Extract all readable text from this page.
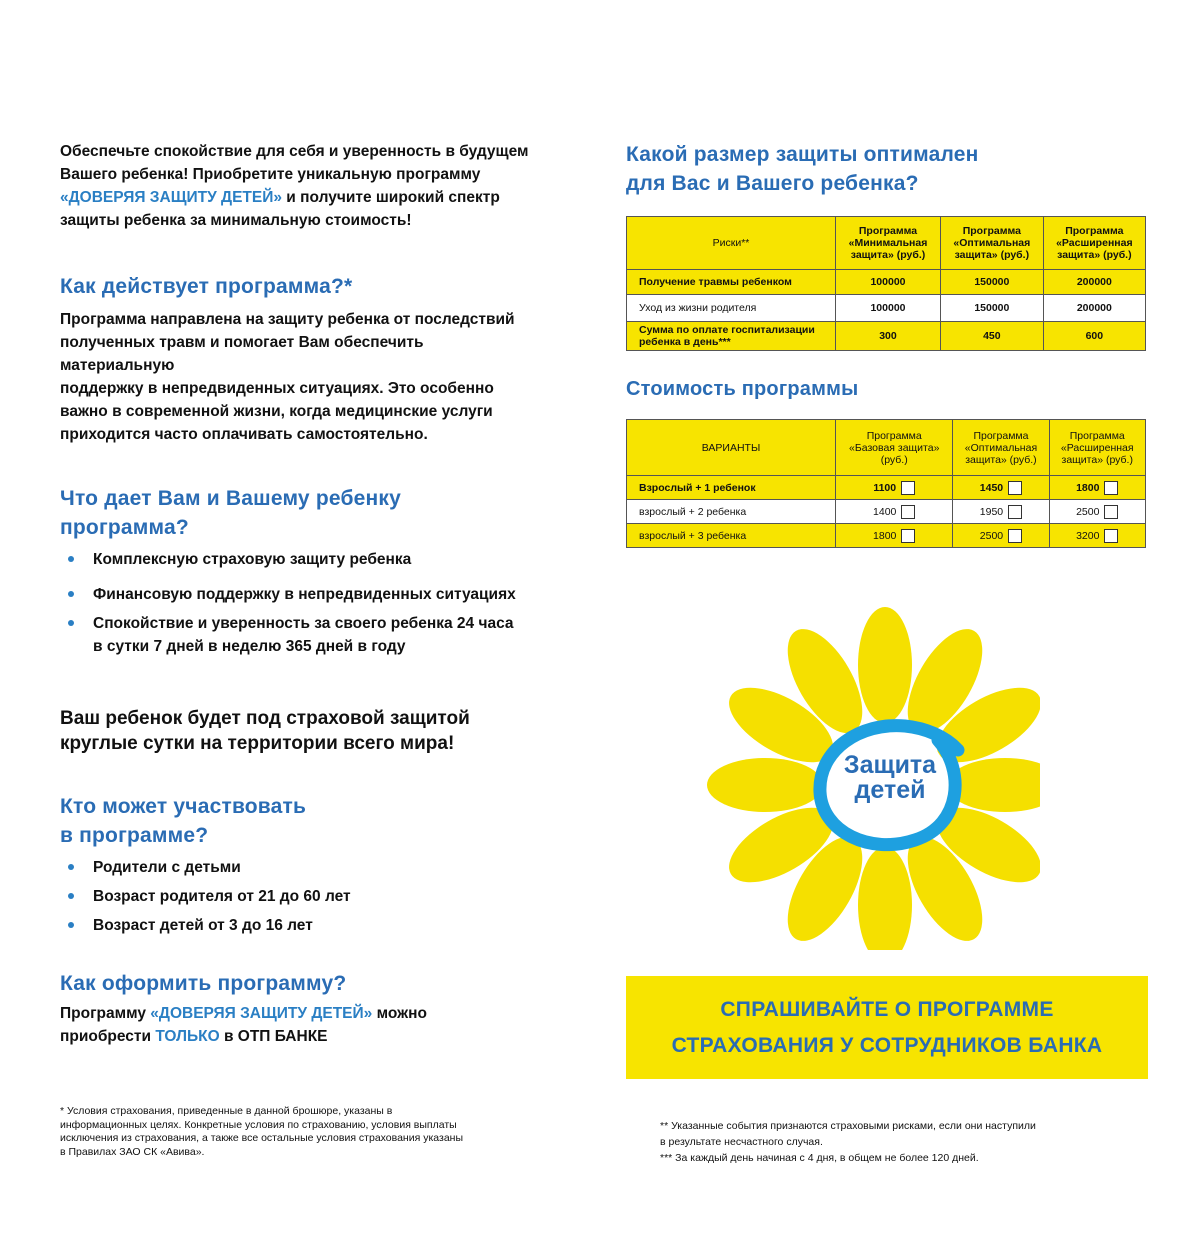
Обеспечьте спокойствие для себя и уверенность в будущем
Вашего ребенка! Приобретите уникальную программу
«ДОВЕРЯЯ ЗАЩИТУ ДЕТЕЙ» и получите широкий спектр
защиты ребенка за минимальную стоимость!

Как действует программа?*

Программа направлена на защиту ребенка от последствий
полученных травм и помогает Вам обеспечить материальную
поддержку в непредвиденных ситуациях. Это особенно
важно в современной жизни, когда медицинские услуги
приходится часто оплачивать самостоятельно.

Что дает Вам и Вашему ребенку
программа?
Комплексную страховую защиту ребенка
Финансовую поддержку в непредвиденных ситуациях
Спокойствие и уверенность за своего ребенка 24 часа
в сутки 7 дней в неделю 365 дней в году

Ваш ребенок будет под страховой защитой
круглые сутки на территории всего мира!

Кто может участвовать
в программе?
Родители с детьми
Возраст родителя от 21 до 60 лет
Возраст детей от 3 до 16 лет
Как оформить программу?

Программу «ДОВЕРЯЯ ЗАЩИТУ ДЕТЕЙ» можно
приобрести ТОЛЬКО в ОТП БАНКЕ

Какой размер защиты оптимален
для Вас и Вашего ребенка?
Риски**	Программа
«Минимальная
защита» (руб.)	Программа
«Оптимальная
защита» (руб.)	Программа
«Расширенная
защита» (руб.)
Получение травмы ребенком	100000	150000	200000
Уход из жизни родителя	100000	150000	200000
Сумма по оплате госпитализации ребенка в день***	300	450	600
Стоимость программы
ВАРИАНТЫ	Программа
«Базовая защита»
(руб.)	Программа
«Оптимальная
защита» (руб.)	Программа
«Расширенная
защита» (руб.)
Взрослый + 1 ребенок	1100	1450	1800
взрослый + 2 ребенка	1400	1950	2500
взрослый + 3 ребенка	1800	2500	3200
Защита
детей
СПРАШИВАЙТЕ О ПРОГРАММЕ
СТРАХОВАНИЯ У СОТРУДНИКОВ БАНКА
* Условия страхования, приведенные в данной брошюре, указаны в
информационных целях. Конкретные условия по страхованию, условия выплаты
исключения из страхования, а также все остальные условия страхования указаны
в Правилах ЗАО СК «Авива».
** Указанные события признаются страховыми рисками, если они наступили
в результате несчастного случая.
*** За каждый день начиная с 4 дня, в общем не более 120 дней.
